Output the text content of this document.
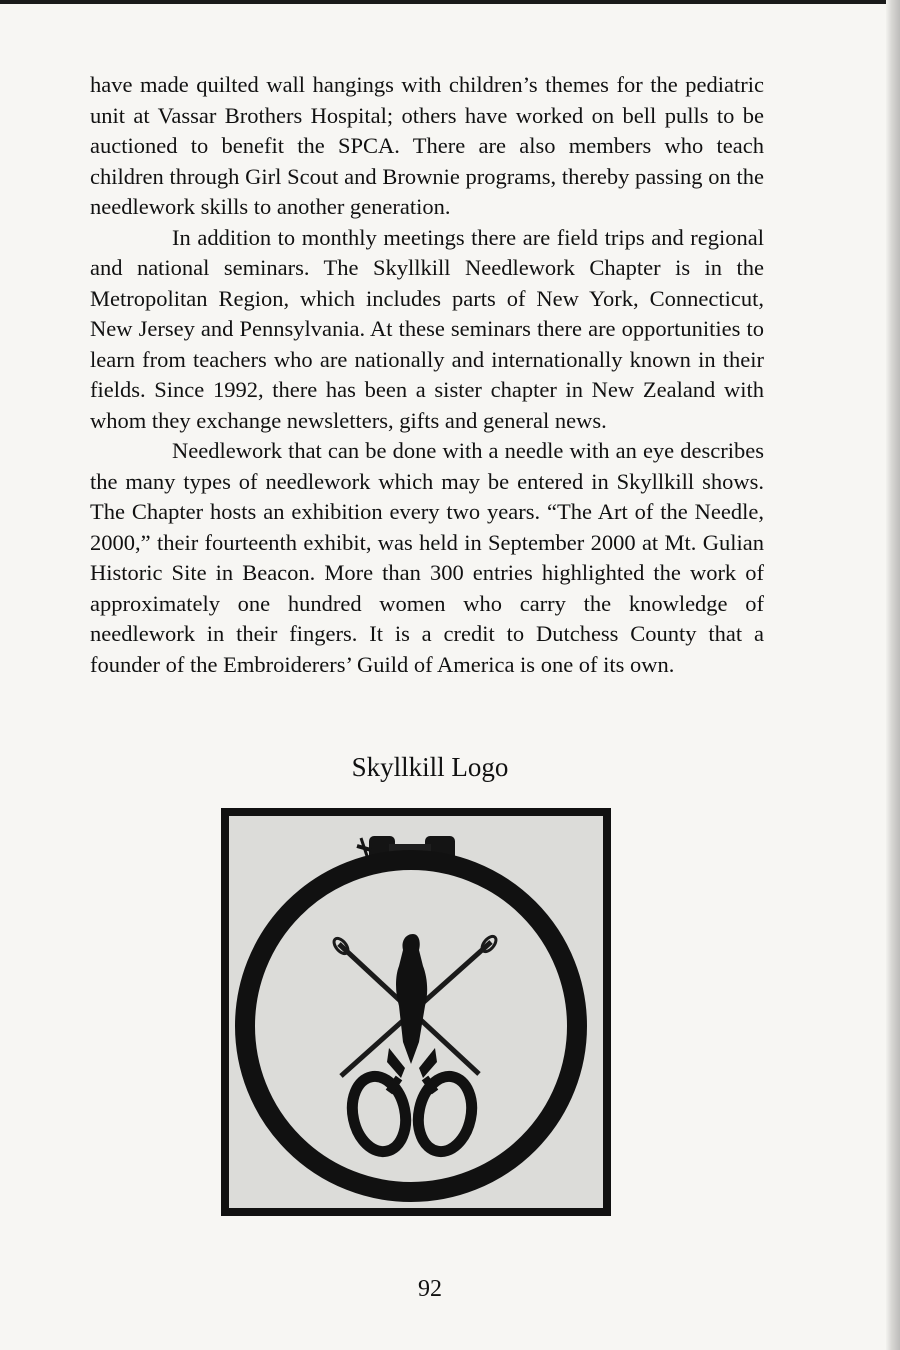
have made quilted wall hangings with children’s themes for the pediatric unit at Vassar Brothers Hospital; others have worked on bell pulls to be auctioned to benefit the SPCA. There are also members who teach children through Girl Scout and Brownie programs, thereby passing on the needlework skills to another generation.

In addition to monthly meetings there are field trips and regional and national seminars. The Skyllkill Needlework Chapter is in the Metropolitan Region, which includes parts of New York, Connecticut, New Jersey and Pennsylvania. At these seminars there are opportunities to learn from teachers who are nationally and internationally known in their fields. Since 1992, there has been a sister chapter in New Zealand with whom they exchange newsletters, gifts and general news.

Needlework that can be done with a needle with an eye describes the many types of needlework which may be entered in Skyllkill shows. The Chapter hosts an exhibition every two years. “The Art of the Needle, 2000,” their fourteenth exhibit, was held in September 2000 at Mt. Gulian Historic Site in Beacon. More than 300 entries highlighted the work of approximately one hundred women who carry the knowledge of needlework in their fingers. It is a credit to Dutchess County that a founder of the Embroiderers’ Guild of America is one of its own.

Skyllkill Logo
92
